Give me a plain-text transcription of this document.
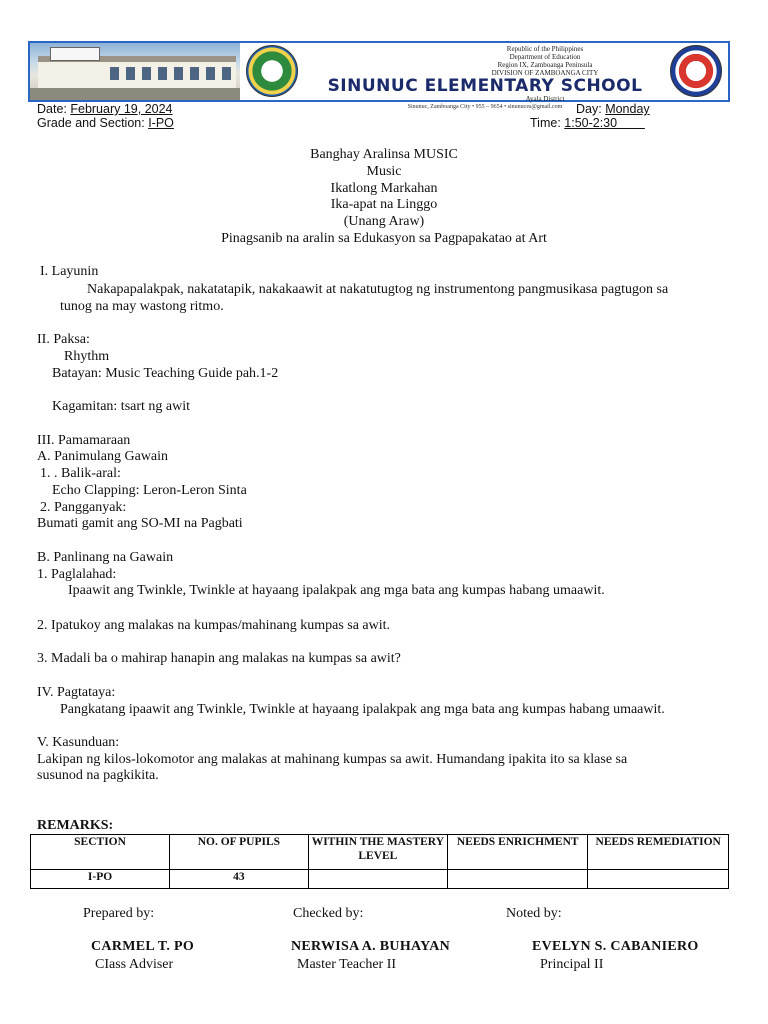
Republic of the Philippines
Department of Education
Region IX, Zamboanga Peninsula
DIVISION OF ZAMBOANGA CITY
SINUNUC ELEMENTARY SCHOOL
Ayala District
Sinunuc, Zamboanga City • 955 – 9654 • sinunuces@gmail.com
Date: February 19, 2024	Day: Monday
Grade and Section: I-PO	Time: 1:50-2:30
Banghay Aralinsa MUSIC
Music
Ikatlong Markahan
Ika-apat na Linggo
(Unang Araw)
Pinagsanib na aralin sa Edukasyon sa Pagpapakatao at Art
I. Layunin
Nakapapalakpak, nakatatapik, nakakaawit at nakatutugtog ng instrumentong pangmusikasa pagtugon sa
tunog na may wastong ritmo.
II. Paksa:
Rhythm
Batayan: Music Teaching Guide pah.1-2
Kagamitan: tsart ng awit
III. Pamamaraan
A. Panimulang Gawain
1. . Balik-aral:
Echo Clapping: Leron-Leron Sinta
2. Pangganyak:
Bumati gamit ang SO-MI na Pagbati
B. Panlinang na Gawain
1. Paglalahad:
Ipaawit ang Twinkle, Twinkle at hayaang ipalakpak ang mga bata ang kumpas habang umaawit.
2. Ipatukoy ang malakas na kumpas/mahinang kumpas sa awit.
3. Madali ba o mahirap hanapin ang malakas na kumpas sa awit?
IV. Pagtataya:
Pangkatang ipaawit ang Twinkle, Twinkle at hayaang ipalakpak ang mga bata ang kumpas habang umaawit.
V. Kasunduan:
Lakipan ng kilos-lokomotor ang malakas at mahinang kumpas sa awit. Humandang ipakita ito sa klase sa
susunod na pagkikita.
REMARKS:
SECTION	NO. OF PUPILS	WITHIN THE MASTERY LEVEL	NEEDS ENRICHMENT	NEEDS REMEDIATION
I-PO	43			
Prepared by:	Checked by:	Noted by:
CARMEL T. PO	NERWISA A. BUHAYAN	EVELYN S. CABANIERO
CIass Adviser	Master Teacher II	Principal II
